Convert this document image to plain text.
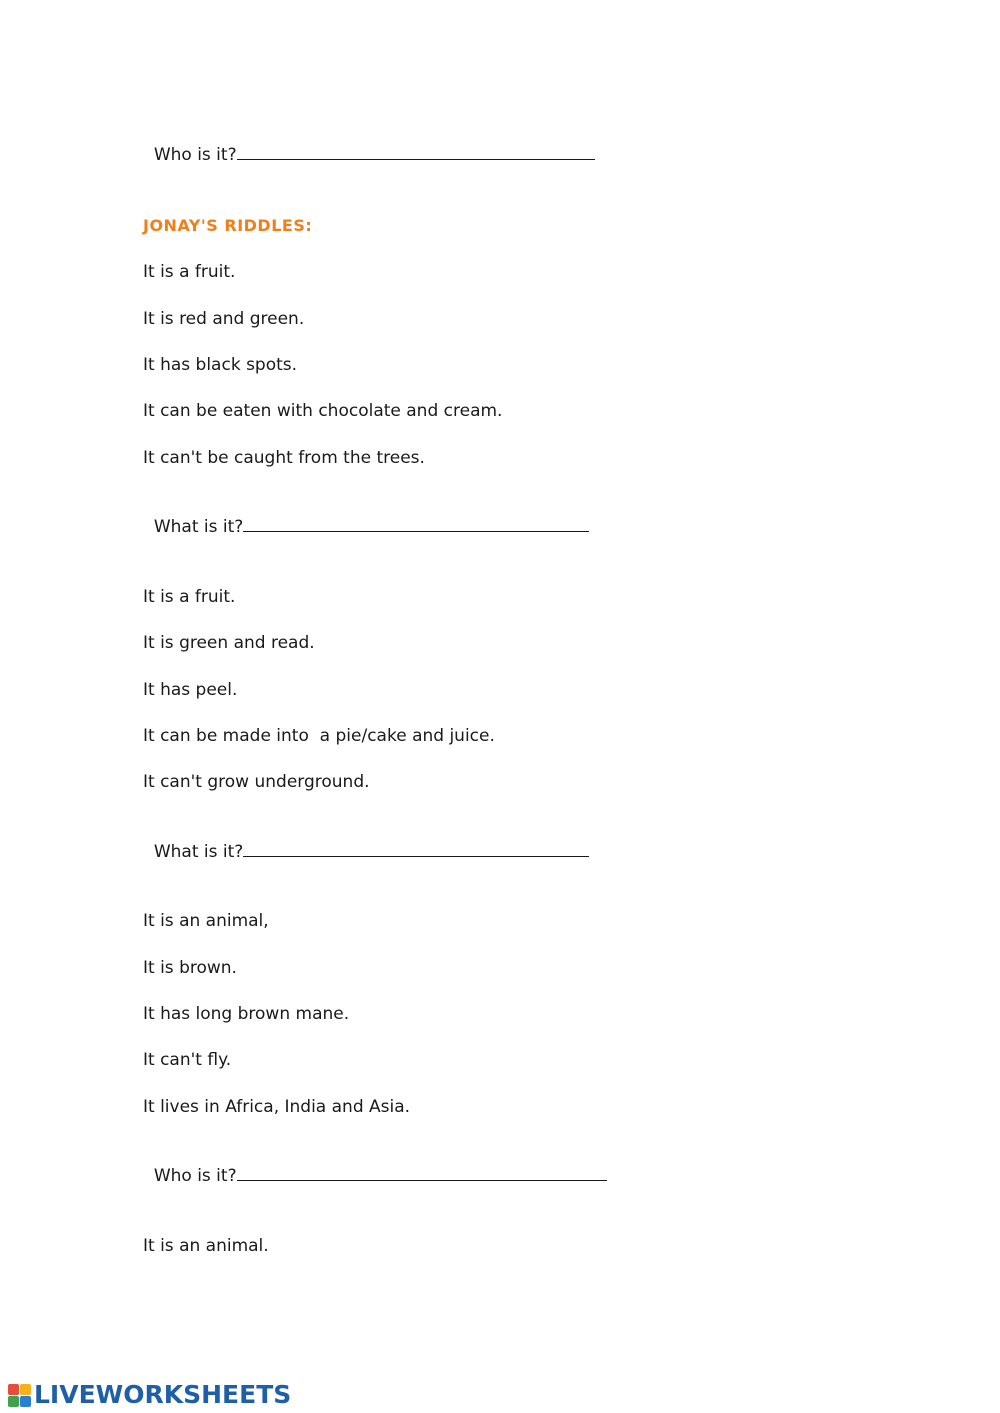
Who is it?

JONAY'S RIDDLES:
It is a fruit.
It is red and green.
It has black spots.
It can be eaten with chocolate and cream.
It can't be caught from the trees.

What is it?

It is a fruit.
It is green and read.
It has peel.
It can be made into  a pie/cake and juice.
It can't grow underground.

What is it?

It is an animal,
It is brown.
It has long brown mane.
It can't fly.
It lives in Africa, India and Asia.

Who is it?

It is an animal.
LIVEWORKSHEETS
